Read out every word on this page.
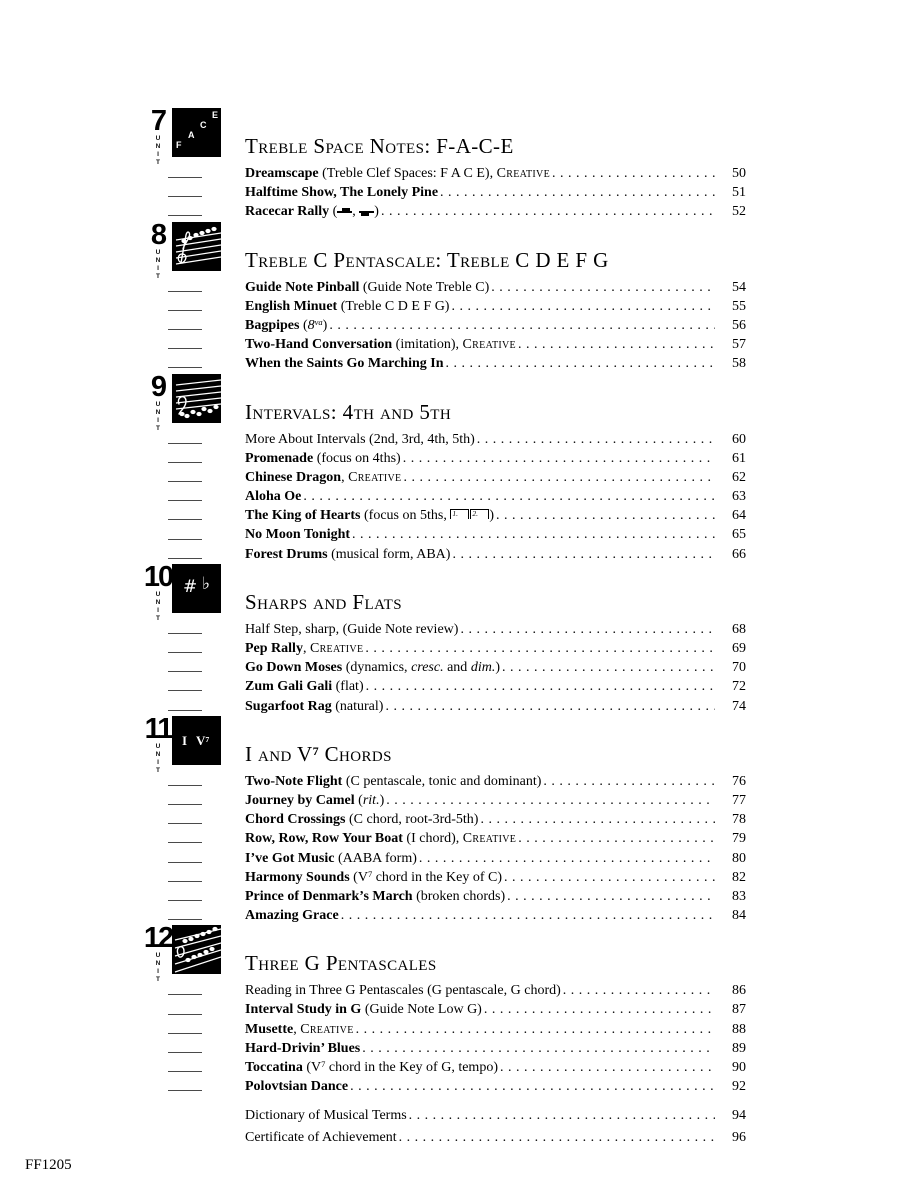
7
UNIT F
A
C
E
Treble Space Notes: F-A-C-E
Dreamscape (Treble Clef Spaces: F A C E), Creative . . .	50
Halftime Show, The Lonely Pine . . .	51
Racecar Rally ( , ) . . .	52
8
UNIT	Treble C Pentascale: Treble C D E F G
Guide Note Pinball (Guide Note Treble C) . . .	54
English Minuet (Treble C D E F G) . . .	55
Bagpipes $(8^{va})$ . . .	56
Two-Hand Conversation (imitation), Creative . . .	57
When the Saints Go Marching In . . .	58
9
UNIT	Intervals: 4th and 5th
More About Intervals (2nd, 3rd, 4th, 5th) . . .	60
Promenade (focus on 4ths) . . .	61
Chinese Dragon, Creative . . .	62
Aloha Oe . . .	63
The King of Hearts (focus on 5ths, 1.	2. ) . . .	64
No Moon Tonight . . .	65
Forest Drums (musical form, ABA) . . .	66
10
UNIT
# ♭
Sharps and Flats
Half Step, sharp, (Guide Note review) . . .	68
Pep Rally, Creative . . .	69
Go Down Moses (dynamics, cresc. and dim.) . . .	70
Zum Gali Gali (flat) . . .	72
Sugarfoot Rag (natural) . . .	74
11
UNIT
I $V^7$
I and $V^7$ Chords
Two-Note Flight (C pentascale, tonic and dominant) . . .	76
Journey by Camel (rit.) . . .	77
Chord Crossings (C chord, root-3rd-5th) . . .	78
Row, Row, Row Your Boat (I chord), Creative . . .	79
I’ve Got Music (AABA form) . . .	80
Harmony Sounds ($V^7$ chord in the Key of C) . . .	82
Prince of Denmark’s March (broken chords) . . .	83
Amazing Grace . . .	84
12
UNIT	Three G Pentascales
Reading in Three G Pentascales (G pentascale, G chord) . . .	86
Interval Study in G (Guide Note Low G) . . .	87
Musette, Creative . . .	88
Hard-Drivin’ Blues . . .	89
Toccatina ($V^7$ chord in the Key of G, tempo) . . .	90
Polovtsian Dance . . .	92
Dictionary of Musical Terms . . .	94
Certificate of Achievement . . .	96
FF1205
